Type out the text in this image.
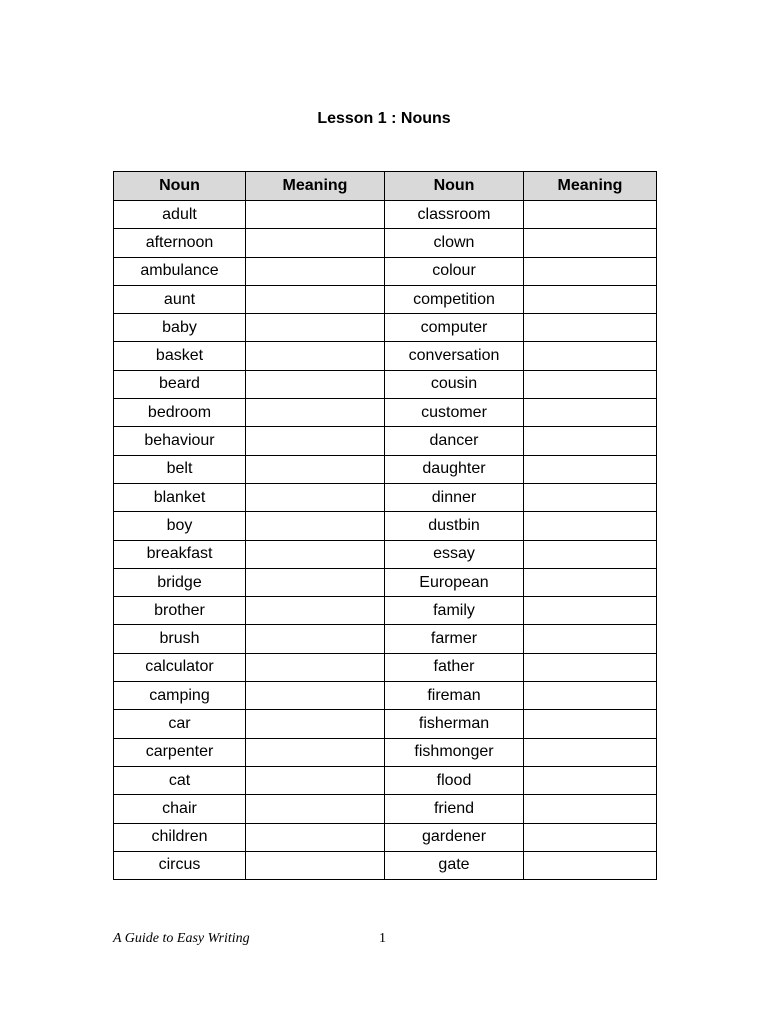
Lesson 1 : Nouns
Noun	Meaning	Noun	Meaning
adult		classroom	
afternoon		clown	
ambulance		colour	
aunt		competition	
baby		computer	
basket		conversation	
beard		cousin	
bedroom		customer	
behaviour		dancer	
belt		daughter	
blanket		dinner	
boy		dustbin	
breakfast		essay	
bridge		European	
brother		family	
brush		farmer	
calculator		father	
camping		fireman	
car		fisherman	
carpenter		fishmonger	
cat		flood	
chair		friend	
children		gardener	
circus		gate	
A Guide to Easy Writing	1
